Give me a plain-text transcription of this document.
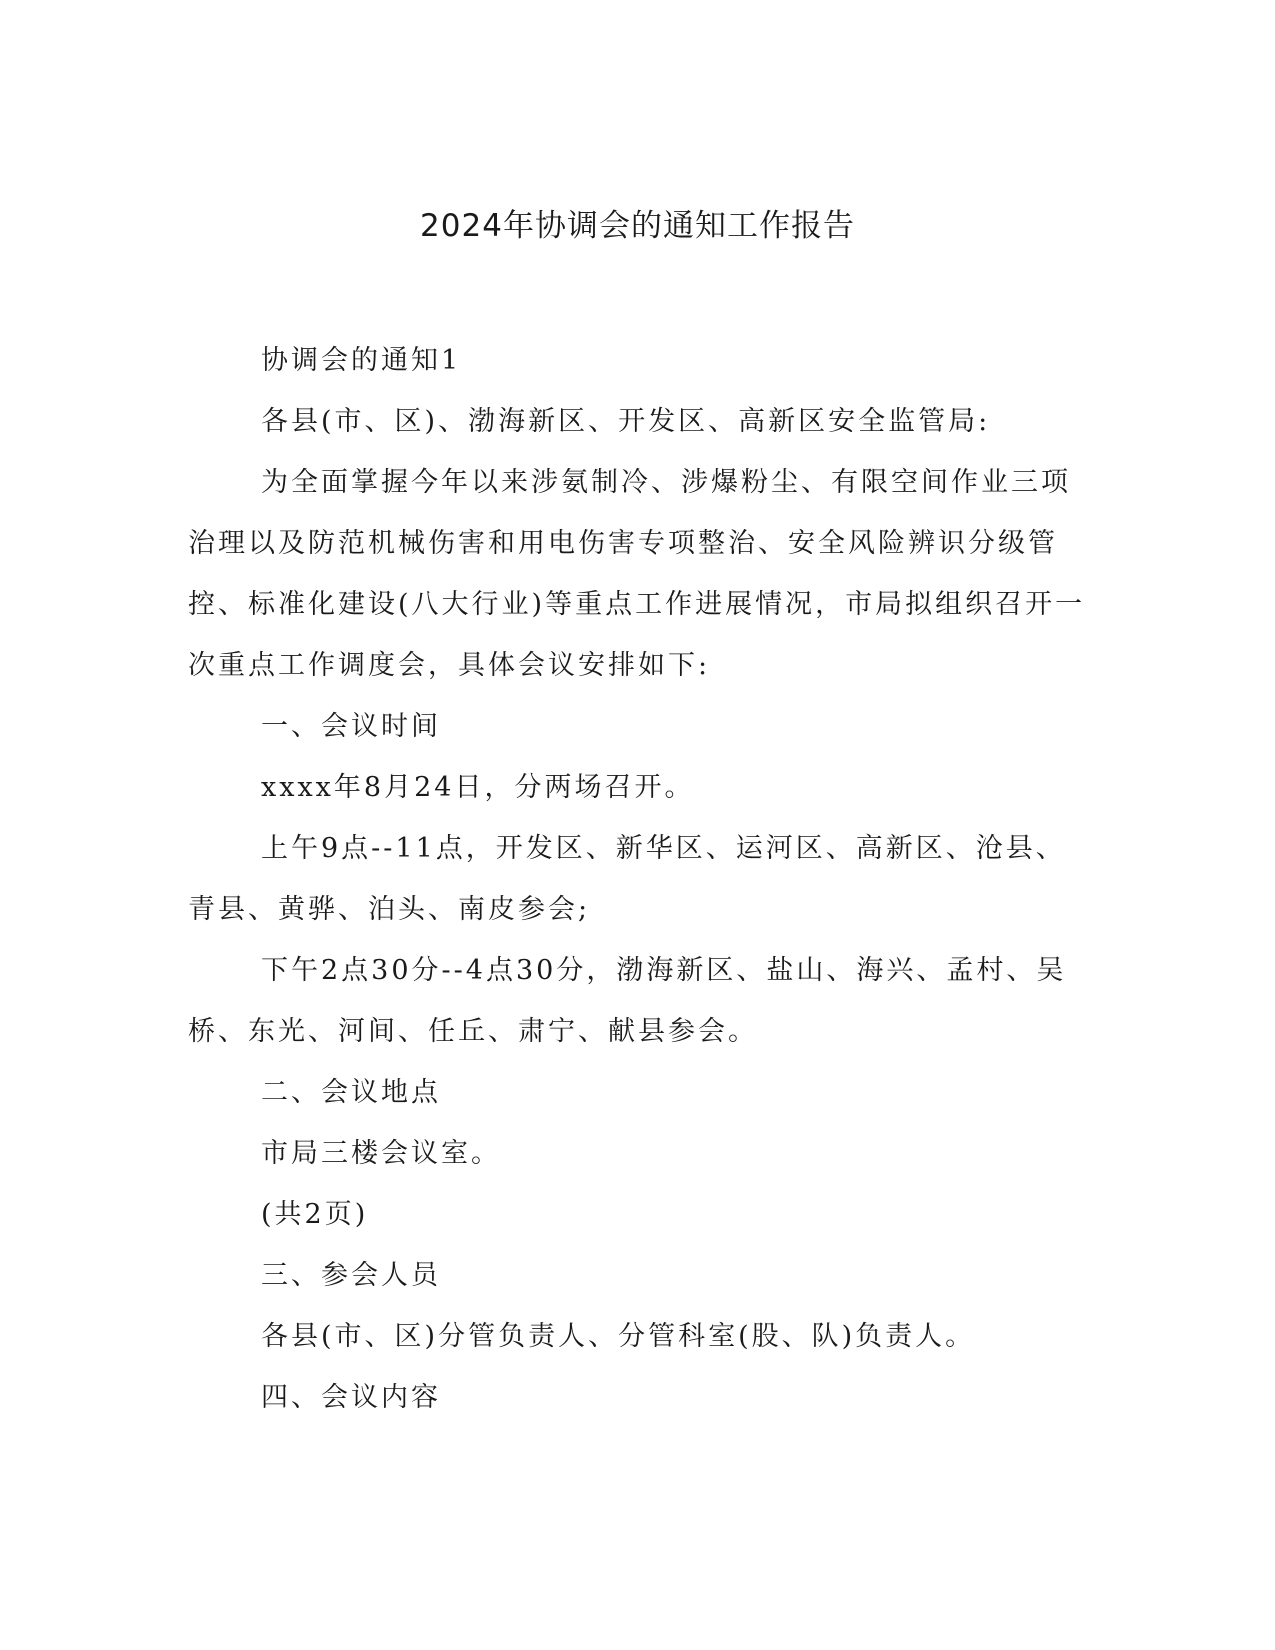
2024年协调会的通知工作报告

协调会的通知1

各县(市、区)、渤海新区、开发区、高新区安全监管局:

为全面掌握今年以来涉氨制冷、涉爆粉尘、有限空间作业三项治理以及防范机械伤害和用电伤害专项整治、安全风险辨识分级管控、标准化建设(八大行业)等重点工作进展情况，市局拟组织召开一次重点工作调度会，具体会议安排如下:

一、会议时间

xxxx年8月24日，分两场召开。

上午9点--11点，开发区、新华区、运河区、高新区、沧县、青县、黄骅、泊头、南皮参会;

下午2点30分--4点30分，渤海新区、盐山、海兴、孟村、吴桥、东光、河间、任丘、肃宁、献县参会。

二、会议地点

市局三楼会议室。

(共2页)

三、参会人员

各县(市、区)分管负责人、分管科室(股、队)负责人。

四、会议内容
